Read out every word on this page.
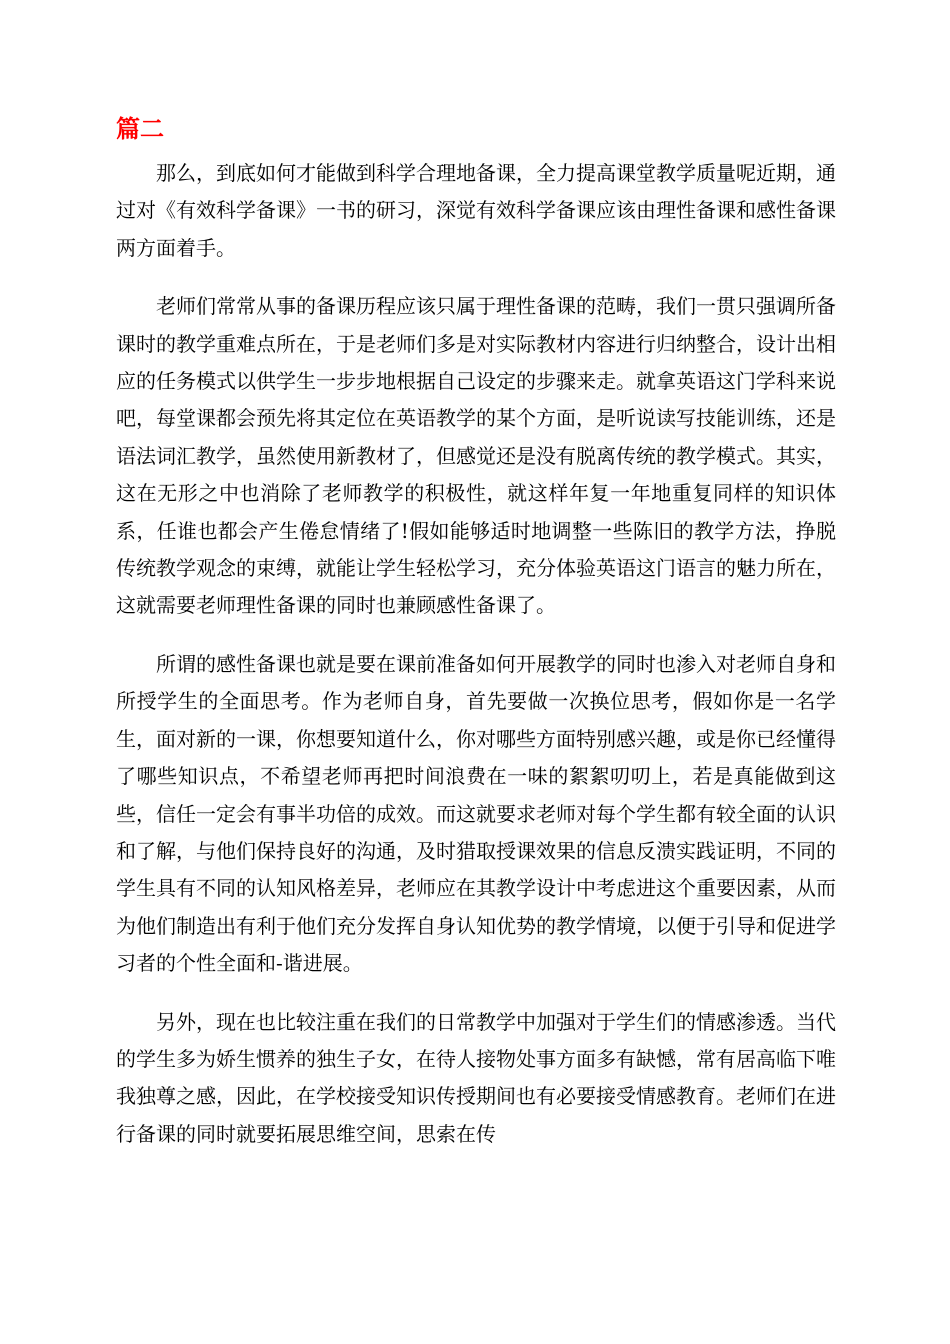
篇二

那么，到底如何才能做到科学合理地备课，全力提高课堂教学质量呢近期，通过对《有效科学备课》一书的研习，深觉有效科学备课应该由理性备课和感性备课两方面着手。

老师们常常从事的备课历程应该只属于理性备课的范畴，我们一贯只强调所备课时的教学重难点所在，于是老师们多是对实际教材内容进行归纳整合，设计出相应的任务模式以供学生一步步地根据自己设定的步骤来走。就拿英语这门学科来说吧，每堂课都会预先将其定位在英语教学的某个方面，是听说读写技能训练，还是语法词汇教学，虽然使用新教材了，但感觉还是没有脱离传统的教学模式。其实，这在无形之中也消除了老师教学的积极性，就这样年复一年地重复同样的知识体系，任谁也都会产生倦怠情绪了!假如能够适时地调整一些陈旧的教学方法，挣脱传统教学观念的束缚，就能让学生轻松学习，充分体验英语这门语言的魅力所在，这就需要老师理性备课的同时也兼顾感性备课了。

所谓的感性备课也就是要在课前准备如何开展教学的同时也渗入对老师自身和所授学生的全面思考。作为老师自身，首先要做一次换位思考，假如你是一名学生，面对新的一课，你想要知道什么，你对哪些方面特别感兴趣，或是你已经懂得了哪些知识点，不希望老师再把时间浪费在一味的絮絮叨叨上，若是真能做到这些，信任一定会有事半功倍的成效。而这就要求老师对每个学生都有较全面的认识和了解，与他们保持良好的沟通，及时猎取授课效果的信息反溃实践证明，不同的学生具有不同的认知风格差异，老师应在其教学设计中考虑进这个重要因素，从而为他们制造出有利于他们充分发挥自身认知优势的教学情境，以便于引导和促进学习者的个性全面和-谐进展。

另外，现在也比较注重在我们的日常教学中加强对于学生们的情感渗透。当代的学生多为娇生惯养的独生子女，在待人接物处事方面多有缺憾，常有居高临下唯我独尊之感，因此，在学校接受知识传授期间也有必要接受情感教育。老师们在进行备课的同时就要拓展思维空间，思索在传
